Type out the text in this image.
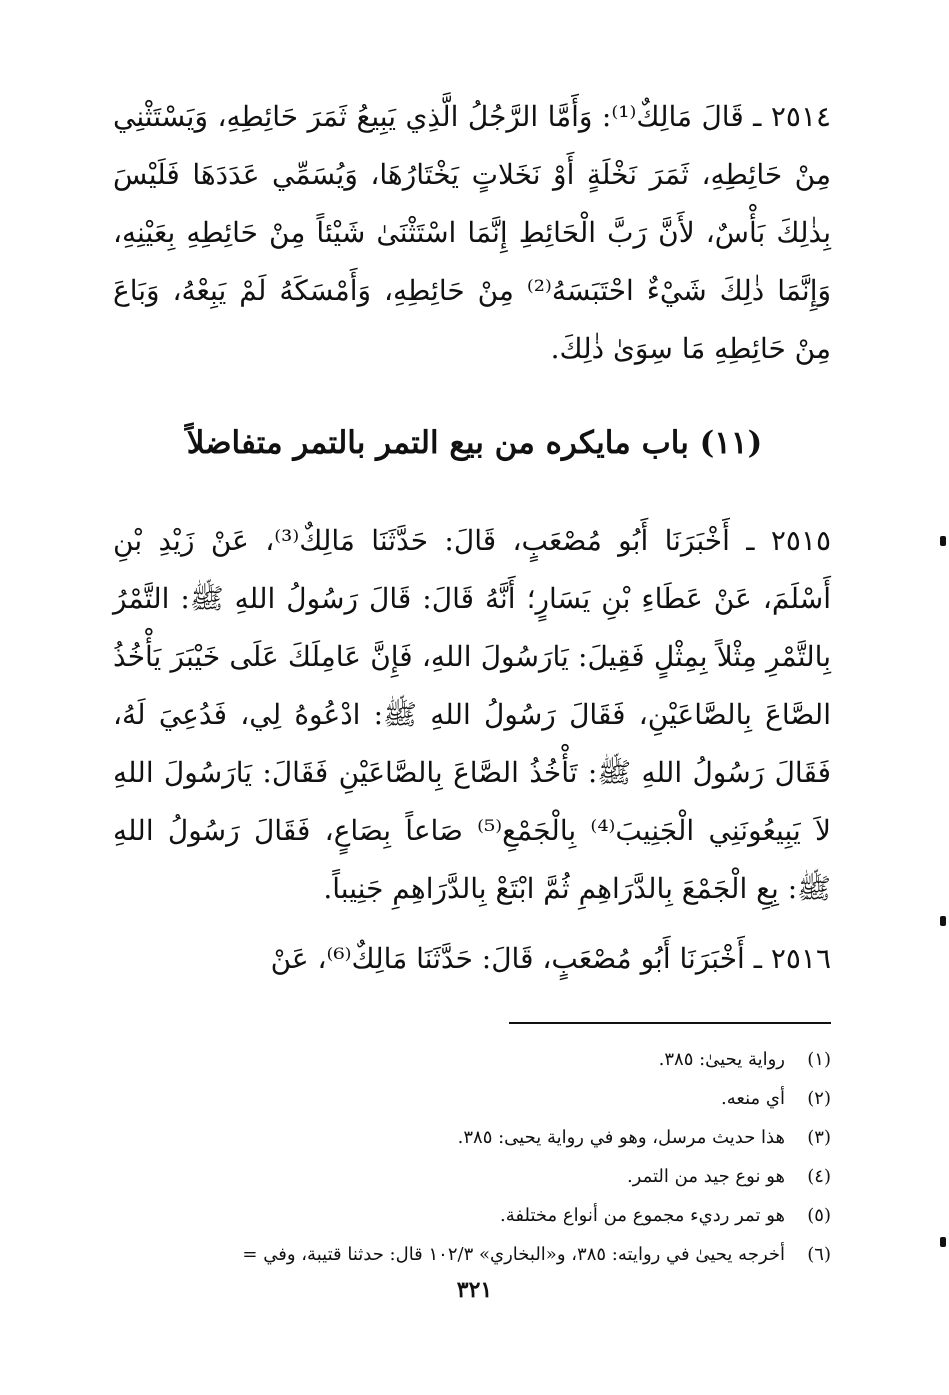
٢٥١٤ ـ قَالَ مَالِكٌ⁽¹⁾: وَأَمَّا الرَّجُلُ الَّذِي يَبِيعُ ثَمَرَ حَائِطِهِ، وَيَسْتَثْنِي مِنْ حَائِطِهِ، ثَمَرَ نَخْلَةٍ أَوْ نَخَلاتٍ يَخْتَارُهَا، وَيُسَمِّي عَدَدَهَا فَلَيْسَ بِذٰلِكَ بَأْسٌ، لأَنَّ رَبَّ الْحَائِطِ إِنَّمَا اسْتَثْنَىٰ شَيْئاً مِنْ حَائِطِهِ بِعَيْنِهِ، وَإِنَّمَا ذٰلِكَ شَيْءٌ احْتَبَسَهُ⁽²⁾ مِنْ حَائِطِهِ، وَأَمْسَكَهُ لَمْ يَبِعْهُ، وَبَاعَ مِنْ حَائِطِهِ مَا سِوَىٰ ذٰلِكَ.

(١١) باب مايكره من بيع التمر بالتمر متفاضلاً

٢٥١٥ ـ أَخْبَرَنَا أَبُو مُصْعَبٍ، قَالَ: حَدَّثَنَا مَالِكٌ⁽³⁾، عَنْ زَيْدِ بْنِ أَسْلَمَ، عَنْ عَطَاءِ بْنِ يَسَارٍ؛ أَنَّهُ قَالَ: قَالَ رَسُولُ اللهِ ﷺ: التَّمْرُ بِالتَّمْرِ مِثْلاً بِمِثْلٍ فَقِيلَ: يَارَسُولَ اللهِ، فَإِنَّ عَامِلَكَ عَلَى خَيْبَرَ يَأْخُذُ الصَّاعَ بِالصَّاعَيْنِ، فَقَالَ رَسُولُ اللهِ ﷺ: ادْعُوهُ لِي، فَدُعِيَ لَهُ، فَقَالَ رَسُولُ اللهِ ﷺ: تَأْخُذُ الصَّاعَ بِالصَّاعَيْنِ فَقَالَ: يَارَسُولَ اللهِ لاَ يَبِيعُونَنِي الْجَنِيبَ⁽⁴⁾ بِالْجَمْعِ⁽⁵⁾ صَاعاً بِصَاعٍ، فَقَالَ رَسُولُ اللهِ ﷺ: بِعِ الْجَمْعَ بِالدَّرَاهِمِ ثُمَّ ابْتَعْ بِالدَّرَاهِمِ جَنِيباً.

٢٥١٦ ـ أَخْبَرَنَا أَبُو مُصْعَبٍ، قَالَ: حَدَّثَنَا مَالِكٌ⁽⁶⁾، عَنْ

(١)
رواية يحيىٰ: ٣٨٥.
(٢)
أي منعه.
(٣)
هذا حديث مرسل، وهو في رواية يحيى: ٣٨٥.
(٤)
هو نوع جيد من التمر.
(٥)
هو تمر رديء مجموع من أنواع مختلفة.
(٦)
أخرجه يحيىٰ في روايته: ٣٨٥، و«البخاري» ١٠٢/٣ قال: حدثنا قتيبة، وفي =
٣٢١
